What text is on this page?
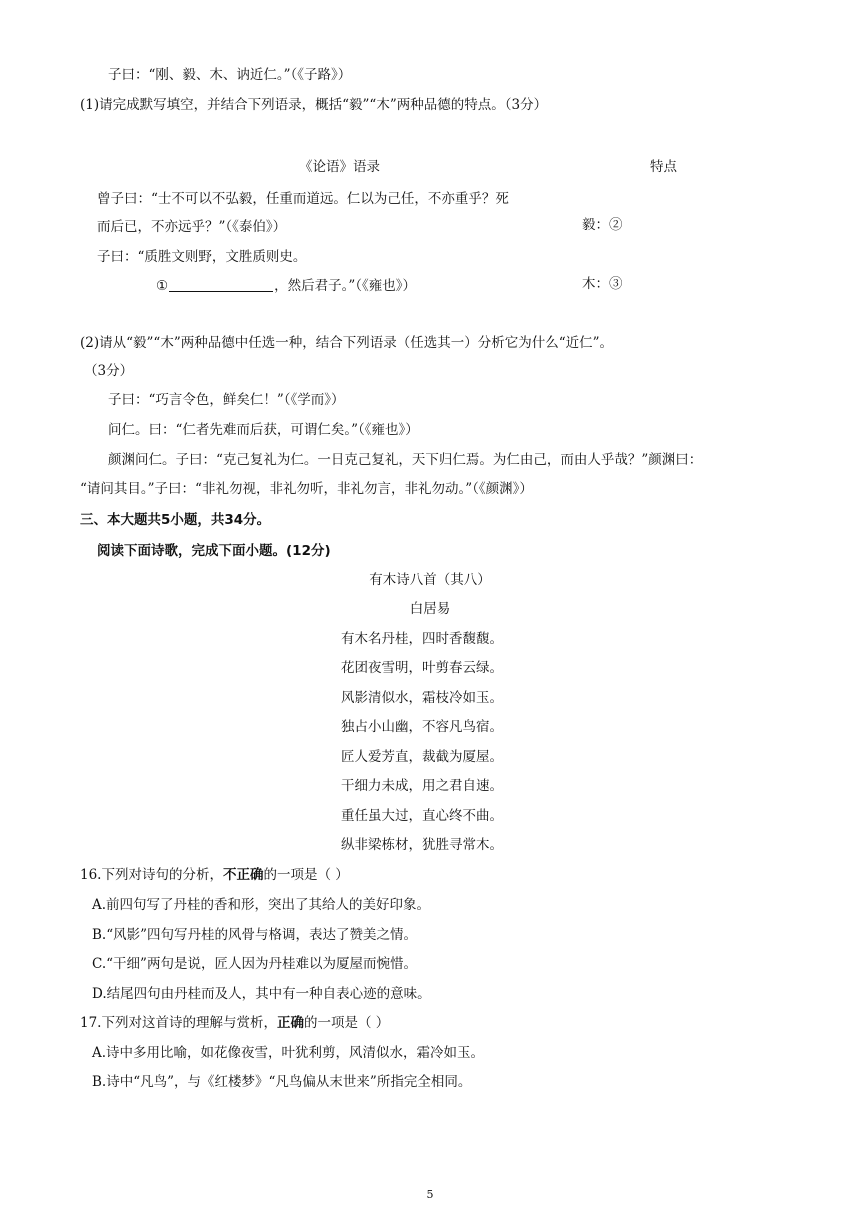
子曰：“刚、毅、木、讷近仁。”（《子路》）
(1)请完成默写填空，并结合下列语录，概括“毅”“木”两种品德的特点。（3分）
《论语》语录	特点
曾子曰：“士不可以不弘毅，任重而道远。仁以为己任，不亦重乎？死
而后已，不亦远乎？”（《泰伯》）	毅：②
子曰：“质胜文则野，文胜质则史。
①	，然后君子。”（《雍也》）	木：③
(2)请从“毅”“木”两种品德中任选一种，结合下列语录（任选其一）分析它为什么“近仁”。
（3分）
子曰：“巧言令色，鲜矣仁！”（《学而》）
问仁。曰：“仁者先难而后获，可谓仁矣。”（《雍也》）
颜渊问仁。子曰：“克己复礼为仁。一日克己复礼，天下归仁焉。为仁由己，而由人乎哉？”颜渊曰：
“请问其目。”子曰：“非礼勿视，非礼勿听，非礼勿言，非礼勿动。”（《颜渊》）
三、本大题共5小题，共34分。
阅读下面诗歌，完成下面小题。(12分)
有木诗八首（其八）
白居易
有木名丹桂，四时香馥馥。
花团夜雪明，叶剪春云绿。
风影清似水，霜枝冷如玉。
独占小山幽，不容凡鸟宿。
匠人爱芳直，裁截为厦屋。
干细力未成，用之君自速。
重任虽大过，直心终不曲。
纵非梁栋材，犹胜寻常木。
16.下列对诗句的分析，不正确的一项是（ ）
A.前四句写了丹桂的香和形，突出了其给人的美好印象。
B.“风影”四句写丹桂的风骨与格调，表达了赞美之情。
C.“干细”两句是说，匠人因为丹桂难以为厦屋而惋惜。
D.结尾四句由丹桂而及人，其中有一种自表心迹的意味。
17.下列对这首诗的理解与赏析，正确的一项是（ ）
A.诗中多用比喻，如花像夜雪，叶犹利剪，风清似水，霜冷如玉。
B.诗中“凡鸟”，与《红楼梦》“凡鸟偏从末世来”所指完全相同。
5
